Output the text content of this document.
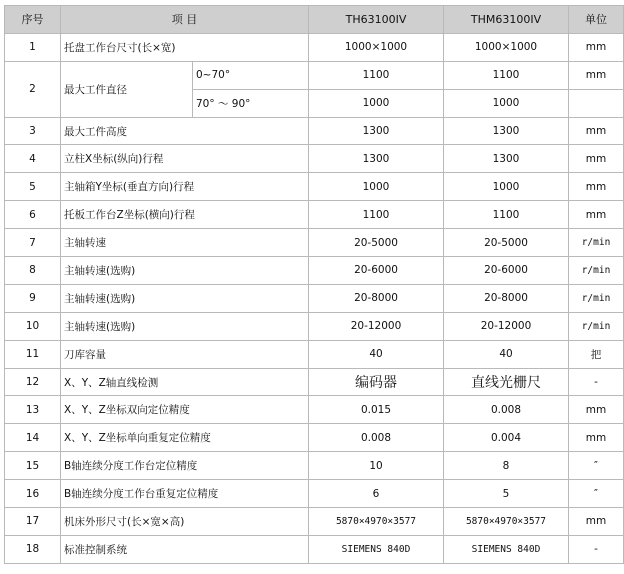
序号	项 目		TH63100IV	THM63100IV	单位
1	托盘工作台尺寸(长×宽)		1000×1000	1000×1000	mm
2	最大工件直径	0~70°	1100	1100	mm
		70° ～ 90°	1000	1000	
3	最大工件高度		1300	1300	mm
4	立柱X坐标(纵向)行程		1300	1300	mm
5	主轴箱Y坐标(垂直方向)行程		1000	1000	mm
6	托板工作台Z坐标(横向)行程		1100	1100	mm
7	主轴转速		20-5000	20-5000	r/min
8	主轴转速(选购)		20-6000	20-6000	r/min
9	主轴转速(选购)		20-8000	20-8000	r/min
10	主轴转速(选购)		20-12000	20-12000	r/min
11	刀库容量		40	40	把
12	X、Y、Z轴直线检测		编码器	直线光栅尺	-
13	X、Y、Z坐标双向定位精度		0.015	0.008	mm
14	X、Y、Z坐标单向重复定位精度		0.008	0.004	mm
15	B轴连续分度工作台定位精度		10	8	″
16	B轴连续分度工作台重复定位精度		6	5	″
17	机床外形尺寸(长×宽×高)		5870×4970×3577	5870×4970×3577	mm
18	标准控制系统		SIEMENS 840D	SIEMENS 840D	-
